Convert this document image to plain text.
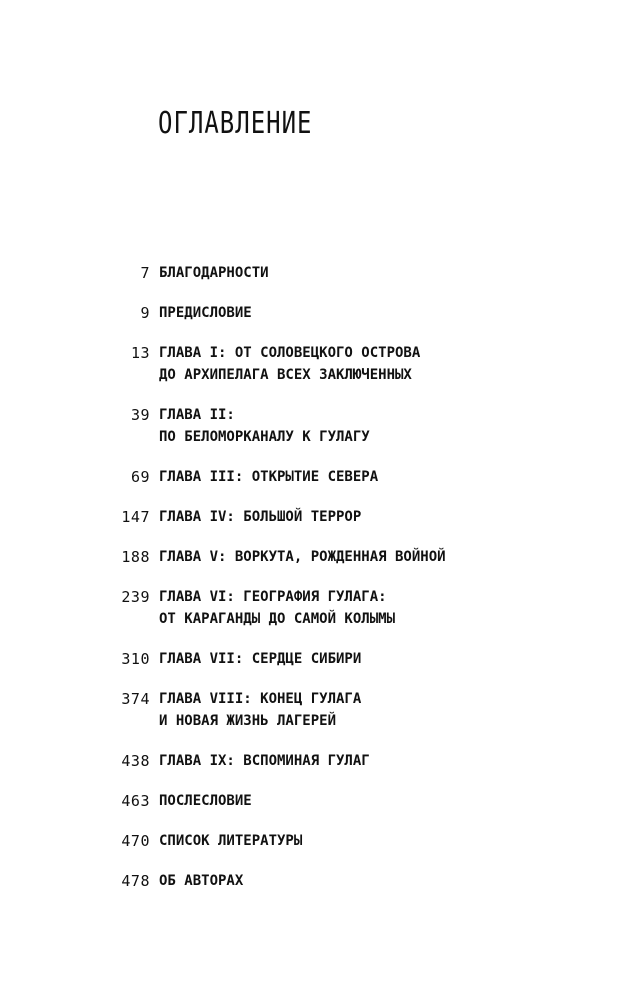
ОГЛАВЛЕНИЕ
7 БЛАГОДАРНОСТИ
9 ПРЕДИСЛОВИЕ
13 ГЛАВА I: ОТ СОЛОВЕЦКОГО ОСТРОВА
ДО АРХИПЕЛАГА ВСЕХ ЗАКЛЮЧЕННЫХ
39 ГЛАВА II:
ПО БЕЛОМОРКАНАЛУ К ГУЛАГУ
69 ГЛАВА III: ОТКРЫТИЕ СЕВЕРА
147 ГЛАВА IV: БОЛЬШОЙ ТЕРРОР
188 ГЛАВА V: ВОРКУТА, РОЖДЕННАЯ ВОЙНОЙ
239 ГЛАВА VI: ГЕОГРАФИЯ ГУЛАГА:
ОТ КАРАГАНДЫ ДО САМОЙ КОЛЫМЫ
310 ГЛАВА VII: СЕРДЦЕ СИБИРИ
374 ГЛАВА VIII: КОНЕЦ ГУЛАГА
И НОВАЯ ЖИЗНЬ ЛАГЕРЕЙ
438 ГЛАВА IX: ВСПОМИНАЯ ГУЛАГ
463 ПОСЛЕСЛОВИЕ
470 СПИСОК ЛИТЕРАТУРЫ
478 ОБ АВТОРАХ
